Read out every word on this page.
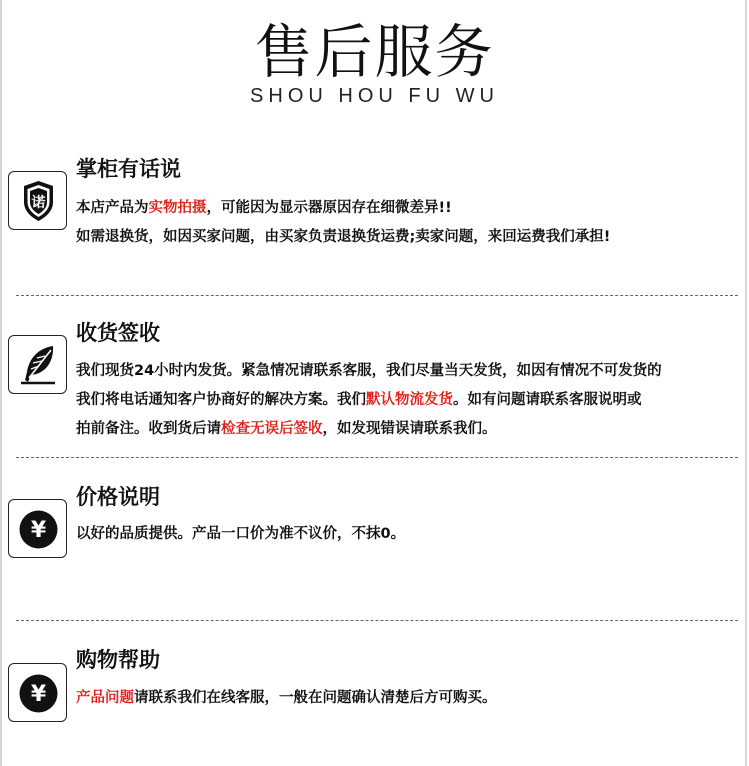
售后服务
SHOU HOU FU WU
诺
掌柜有话说
本店产品为实物拍摄，可能因为显示器原因存在细微差异!!
如需退换货，如因买家问题，由买家负责退换货运费;卖家问题，来回运费我们承担!
收货签收
我们现货24小时内发货。紧急情况请联系客服，我们尽量当天发货，如因有情况不可发货的
我们将电话通知客户协商好的解决方案。我们默认物流发货。如有问题请联系客服说明或
拍前备注。收到货后请检查无误后签收，如发现错误请联系我们。
¥
价格说明
以好的品质提供。产品一口价为准不议价，不抹0。
¥
购物帮助
产品问题请联系我们在线客服，一般在问题确认清楚后方可购买。
